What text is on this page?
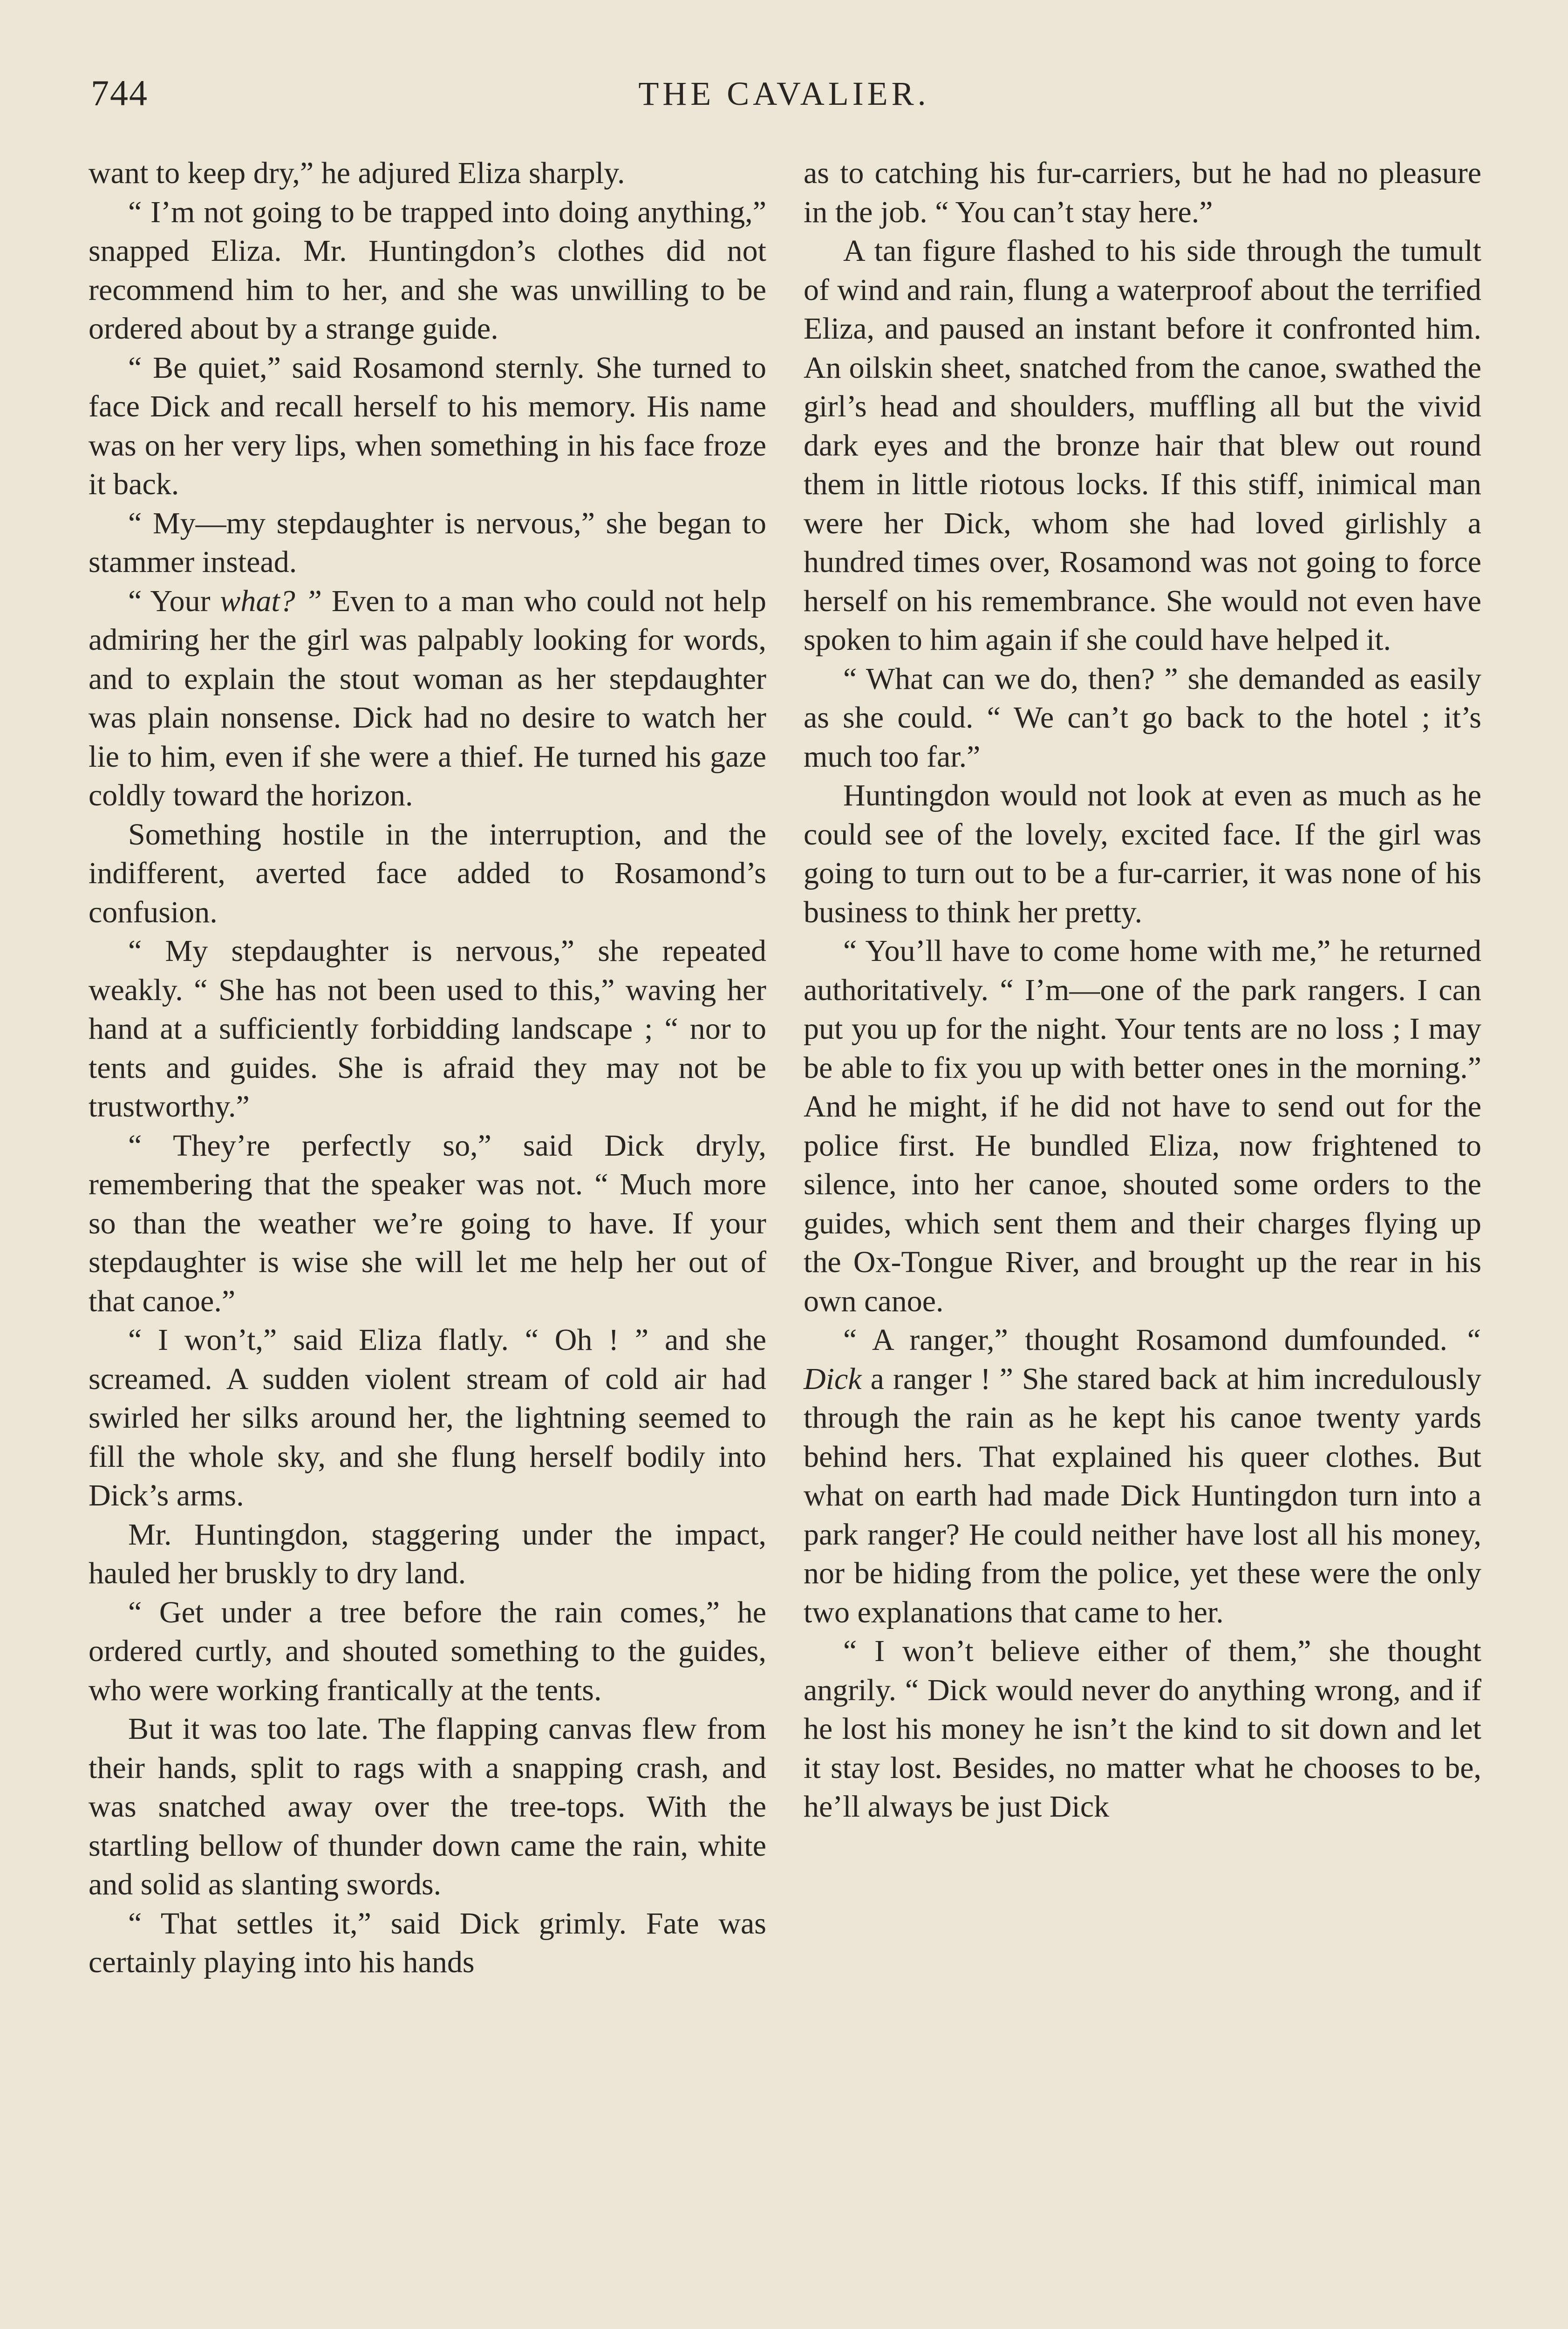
744	THE CAVALIER.

want to keep dry,” he adjured Eliza sharply.

“ I’m not going to be trapped into doing anything,” snapped Eliza. Mr. Huntingdon’s clothes did not recommend him to her, and she was unwilling to be ordered about by a strange guide.

“ Be quiet,” said Rosamond sternly. She turned to face Dick and recall herself to his memory. His name was on her very lips, when something in his face froze it back.

“ My—my stepdaughter is nervous,” she began to stammer instead.

“ Your what? ” Even to a man who could not help admiring her the girl was palpably looking for words, and to explain the stout woman as her stepdaughter was plain nonsense. Dick had no desire to watch her lie to him, even if she were a thief. He turned his gaze coldly toward the horizon.

Something hostile in the interruption, and the indifferent, averted face added to Rosamond’s confusion.

“ My stepdaughter is nervous,” she repeated weakly. “ She has not been used to this,” waving her hand at a sufficiently forbidding landscape ; “ nor to tents and guides. She is afraid they may not be trustworthy.”

“ They’re perfectly so,” said Dick dryly, remembering that the speaker was not. “ Much more so than the weather we’re going to have. If your stepdaughter is wise she will let me help her out of that canoe.”

“ I won’t,” said Eliza flatly. “ Oh ! ” and she screamed. A sudden violent stream of cold air had swirled her silks around her, the lightning seemed to fill the whole sky, and she flung herself bodily into Dick’s arms.

Mr. Huntingdon, staggering under the impact, hauled her bruskly to dry land.

“ Get under a tree before the rain comes,” he ordered curtly, and shouted something to the guides, who were working frantically at the tents.

But it was too late. The flapping canvas flew from their hands, split to rags with a snapping crash, and was snatched away over the tree-tops. With the startling bellow of thunder down came the rain, white and solid as slanting swords.

“ That settles it,” said Dick grimly. Fate was certainly playing into his hands

as to catching his fur-carriers, but he had no pleasure in the job. “ You can’t stay here.”

A tan figure flashed to his side through the tumult of wind and rain, flung a waterproof about the terrified Eliza, and paused an instant before it confronted him. An oilskin sheet, snatched from the canoe, swathed the girl’s head and shoulders, muffling all but the vivid dark eyes and the bronze hair that blew out round them in little riotous locks. If this stiff, inimical man were her Dick, whom she had loved girlishly a hundred times over, Rosamond was not going to force herself on his remembrance. She would not even have spoken to him again if she could have helped it.

“ What can we do, then? ” she demanded as easily as she could. “ We can’t go back to the hotel ; it’s much too far.”

Huntingdon would not look at even as much as he could see of the lovely, excited face. If the girl was going to turn out to be a fur-carrier, it was none of his business to think her pretty.

“ You’ll have to come home with me,” he returned authoritatively. “ I’m—one of the park rangers. I can put you up for the night. Your tents are no loss ; I may be able to fix you up with better ones in the morning.” And he might, if he did not have to send out for the police first. He bundled Eliza, now frightened to silence, into her canoe, shouted some orders to the guides, which sent them and their charges flying up the Ox-Tongue River, and brought up the rear in his own canoe.

“ A ranger,” thought Rosamond dumfounded. “ Dick a ranger ! ” She stared back at him incredulously through the rain as he kept his canoe twenty yards behind hers. That explained his queer clothes. But what on earth had made Dick Huntingdon turn into a park ranger? He could neither have lost all his money, nor be hiding from the police, yet these were the only two explanations that came to her.

“ I won’t believe either of them,” she thought angrily. “ Dick would never do anything wrong, and if he lost his money he isn’t the kind to sit down and let it stay lost. Besides, no matter what he chooses to be, he’ll always be just Dick
